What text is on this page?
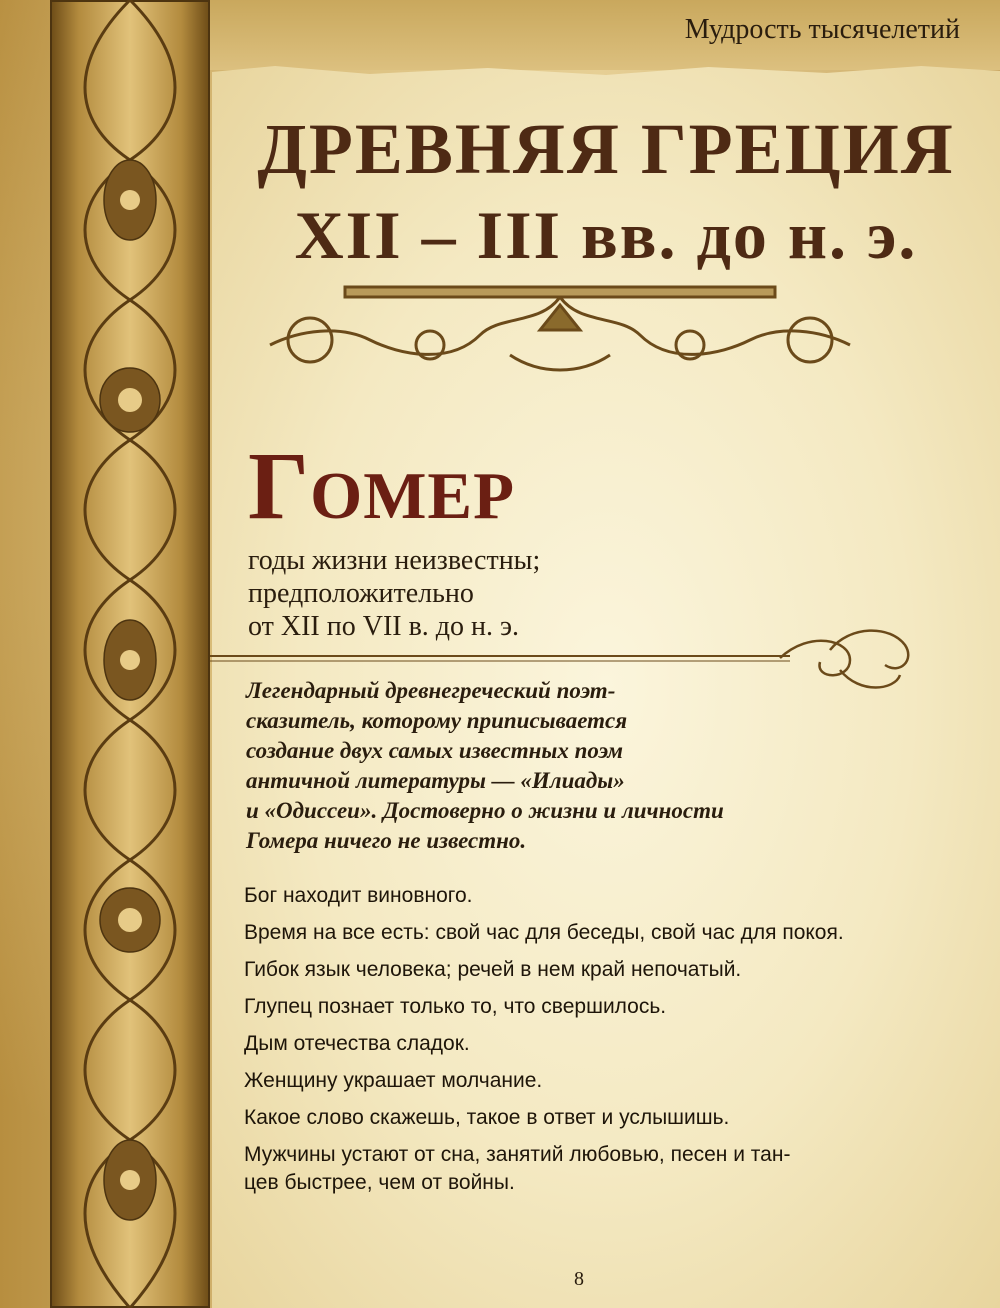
Мудрость тысячелетий
ДРЕВНЯЯ ГРЕЦИЯ
XII – III вв. до н. э.
Гомер
годы жизни неизвестны;
предположительно
от XII по VII в. до н. э.
Легендарный древнегреческий поэт-
сказитель, которому приписывается
создание двух самых известных поэм
античной литературы — «Илиады»
и «Одиссеи». Достоверно о жизни и личности
Гомера ничего не известно.
Бог находит виновного.
Время на все есть: свой час для беседы, свой час для покоя.
Гибок язык человека; речей в нем край непочатый.
Глупец познает только то, что свершилось.
Дым отечества сладок.
Женщину украшает молчание.
Какое слово скажешь, такое в ответ и услышишь.
Мужчины устают от сна, занятий любовью, песен и тан-
цев быстрее, чем от войны.
8
